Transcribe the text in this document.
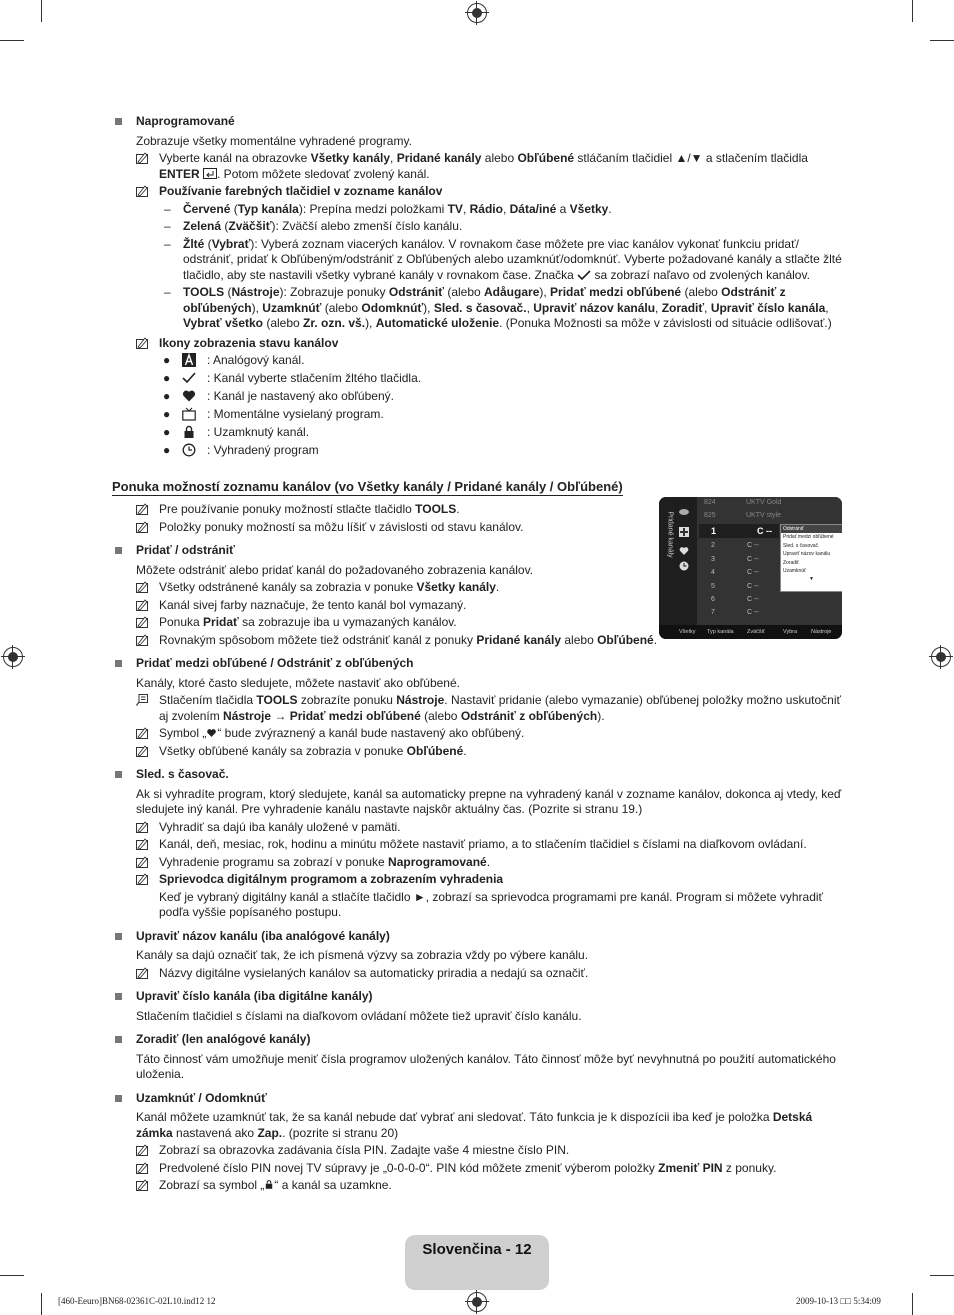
Naprogramované

Zobrazuje všetky momentálne vyhradené programy.

Vyberte kanál na obrazovke Všetky kanály, Pridané kanály alebo Obľúbené stláčaním tlačidiel ▲/▼ a stlačením tlačidla ENTER . Potom môžete sledovať zvolený kanál.

Používanie farebných tlačidiel v zozname kanálov

– Červené (Typ kanála): Prepína medzi položkami TV, Rádio, Dáta/iné a Všetky.

– Zelená (Zväčšiť): Zväčší alebo zmenší číslo kanálu.

– Žlté (Vybrať): Vyberá zoznam viacerých kanálov. V rovnakom čase môžete pre viac kanálov vykonať funkciu pridať/ odstrániť, pridať k Obľúbeným/odstrániť z Obľúbených alebo uzamknúť/odomknúť. Vyberte požadované kanály a stlačte žlté tlačidlo, aby ste nastavili všetky vybrané kanály v rovnakom čase. Značka  sa zobrazí naľavo od zvolených kanálov.

– TOOLS (Nástroje): Zobrazuje ponuky Odstrániť (alebo Adåugare), Pridať medzi obľúbené (alebo Odstrániť z obľúbených), Uzamknúť (alebo Odomknúť), Sled. s časovač., Upraviť názov kanálu, Zoradiť, Upraviť číslo kanála, Vybrať všetko (alebo Zr. ozn. vš.), Automatické uloženie. (Ponuka Možnosti sa môže v závislosti od situácie odlišovať.)

Ikony zobrazenia stavu kanálov

●	: Analógový kanál.
●	: Kanál vyberte stlačením žltého tlačidla.
●	: Kanál je nastavený ako obľúbený.
●	: Momentálne vysielaný program.
●	: Uzamknutý kanál.
●	: Vyhradený program
Ponuka možností zoznamu kanálov (vo Všetky kanály / Pridané kanály / Obľúbené)

Pre používanie ponuky možností stlačte tlačidlo TOOLS.

Položky ponuky možností sa môžu líšiť v závislosti od stavu kanálov.

Pridať / odstrániť

Môžete odstrániť alebo pridať kanál do požadovaného zobrazenia kanálov.

Všetky odstránené kanály sa zobrazia v ponuke Všetky kanály.

Kanál sivej farby naznačuje, že tento kanál bol vymazaný.

Ponuka Pridať sa zobrazuje iba u vymazaných kanálov.

Rovnakým spôsobom môžete tiež odstrániť kanál z ponuky Pridané kanály alebo Obľúbené.

Pridať medzi obľúbené / Odstrániť z obľúbených

Kanály, ktoré často sledujete, môžete nastaviť ako obľúbené.

Stlačením tlačidla TOOLS zobrazíte ponuku Nástroje. Nastaviť pridanie (alebo vymazanie) obľúbenej položky možno uskutočniť aj zvolením Nástroje → Pridať medzi obľúbené (alebo Odstrániť z obľúbených).

Symbol „ “ bude zvýraznený a kanál bude nastavený ako obľúbený.

Všetky obľúbené kanály sa zobrazia v ponuke Obľúbené.

Sled. s časovač.

Ak si vyhradíte program, ktorý sledujete, kanál sa automaticky prepne na vyhradený kanál v zozname kanálov, dokonca aj vtedy, keď sledujete iný kanál. Pre vyhradenie kanálu nastavte najskôr aktuálny čas. (Pozrite si stranu 19.)

Vyhradiť sa dajú iba kanály uložené v pamäti.

Kanál, deň, mesiac, rok, hodinu a minútu môžete nastaviť priamo, a to stlačením tlačidiel s číslami na diaľkovom ovládaní.

Vyhradenie programu sa zobrazí v ponuke Naprogramované.

Sprievodca digitálnym programom a zobrazením vyhradenia

Keď je vybraný digitálny kanál a stlačíte tlačidlo ►, zobrazí sa sprievodca programami pre kanál. Program si môžete vyhradiť podľa vyššie popísaného postupu.

Upraviť názov kanálu (iba analógové kanály)

Kanály sa dajú označiť tak, že ich písmená výzvy sa zobrazia vždy po výbere kanálu.

Názvy digitálne vysielaných kanálov sa automaticky priradia a nedajú sa označiť.

Upraviť číslo kanála (iba digitálne kanály)

Stlačením tlačidiel s číslami na diaľkovom ovládaní môžete tiež upraviť číslo kanálu.

Zoradiť (len analógové kanály)

Táto činnosť vám umožňuje meniť čísla programov uložených kanálov. Táto činnosť môže byť nevyhnutná po použití automatického uloženia.

Uzamknúť / Odomknúť

Kanál môžete uzamknúť tak, že sa kanál nebude dať vybrať ani sledovať. Táto funkcia je k dispozícii iba keď je položka Detská zámka nastavená ako Zap.. (pozrite si stranu 20)

Zobrazí sa obrazovka zadávania čísla PIN. Zadajte vaše 4 miestne číslo PIN.

Predvolené číslo PIN novej TV súpravy je „0-0-0-0“. PIN kód môžete zmeniť výberom položky Zmeniť PIN z ponuky.

Zobrazí sa symbol „ “ a kanál sa uzamkne.

Pridané kanály
824	UKTV Gold
825	UKTV style
1	C --
2	C --
3	C --
4	C --
5	C --
6	C --
7	C --
Odstrániť
Pridať medzi obľúbené
Sled. s časovač.
Upraviť názov kanálu
Zoradiť
Uzamknúť
▼
Všetky Typ kanála Zväčšiť	Vybra	Nástroje
Slovenčina - 12
[460-Eeuro]BN68-02361C-02L10.ind12 12	2009-10-13 □□ 5:34:09
